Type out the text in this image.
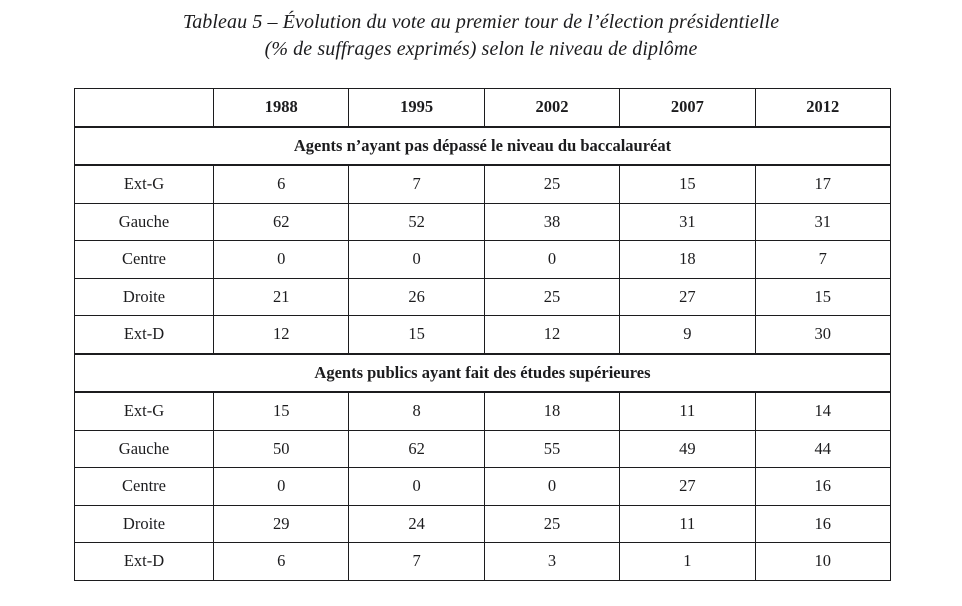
Tableau 5 – Évolution du vote au premier tour de l’élection présidentielle
(% de suffrages exprimés) selon le niveau de diplôme
	1988	1995	2002	2007	2012
Agents n’ayant pas dépassé le niveau du baccalauréat					
Ext-G	6	7	25	15	17
Gauche	62	52	38	31	31
Centre	0	0	0	18	7
Droite	21	26	25	27	15
Ext-D	12	15	12	9	30
Agents publics ayant fait des études supérieures					
Ext-G	15	8	18	11	14
Gauche	50	62	55	49	44
Centre	0	0	0	27	16
Droite	29	24	25	11	16
Ext-D	6	7	3	1	10
